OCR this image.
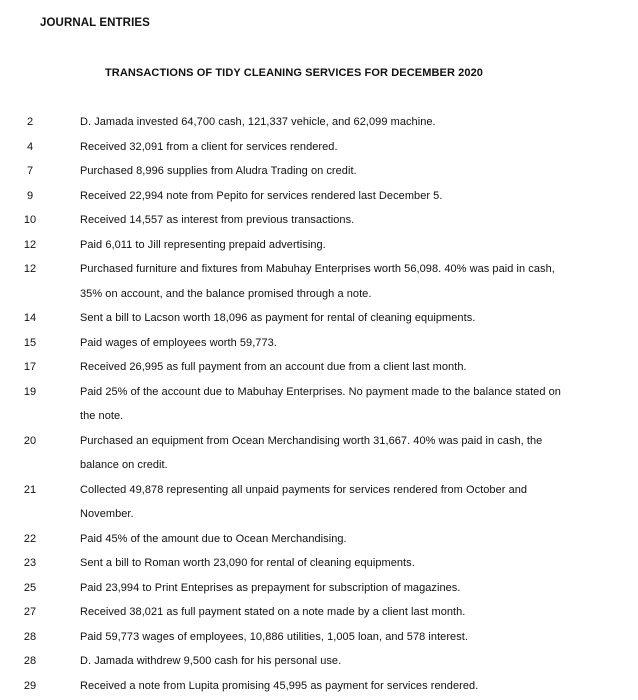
JOURNAL ENTRIES
TRANSACTIONS OF TIDY CLEANING SERVICES FOR DECEMBER 2020
2	D. Jamada invested 64,700 cash, 121,337 vehicle, and 62,099 machine.
4	Received 32,091 from a client for services rendered.
7	Purchased 8,996 supplies from Aludra Trading on credit.
9	Received 22,994 note from Pepito for services rendered last December 5.
10	Received 14,557 as interest from previous transactions.
12	Paid 6,011 to Jill representing prepaid advertising.
12	Purchased furniture and fixtures from Mabuhay Enterprises worth 56,098. 40% was paid in cash, 35% on account, and the balance promised through a note.
14	Sent a bill to Lacson worth 18,096 as payment for rental of cleaning equipments.
15	Paid wages of employees worth 59,773.
17	Received 26,995 as full payment from an account due from a client last month.
19	Paid 25% of the account due to Mabuhay Enterprises. No payment made to the balance stated on the note.
20	Purchased an equipment from Ocean Merchandising worth 31,667. 40% was paid in cash, the balance on credit.
21	Collected 49,878 representing all unpaid payments for services rendered from October and November.
22	Paid 45% of the amount due to Ocean Merchandising.
23	Sent a bill to Roman worth 23,090 for rental of cleaning equipments.
25	Paid 23,994 to Print Enteprises as prepayment for subscription of magazines.
27	Received 38,021 as full payment stated on a note made by a client last month.
28	Paid 59,773 wages of employees, 10,886 utilities, 1,005 loan, and 578 interest.
28	D. Jamada withdrew 9,500 cash for his personal use.
29	Received a note from Lupita promising 45,995 as payment for services rendered.
